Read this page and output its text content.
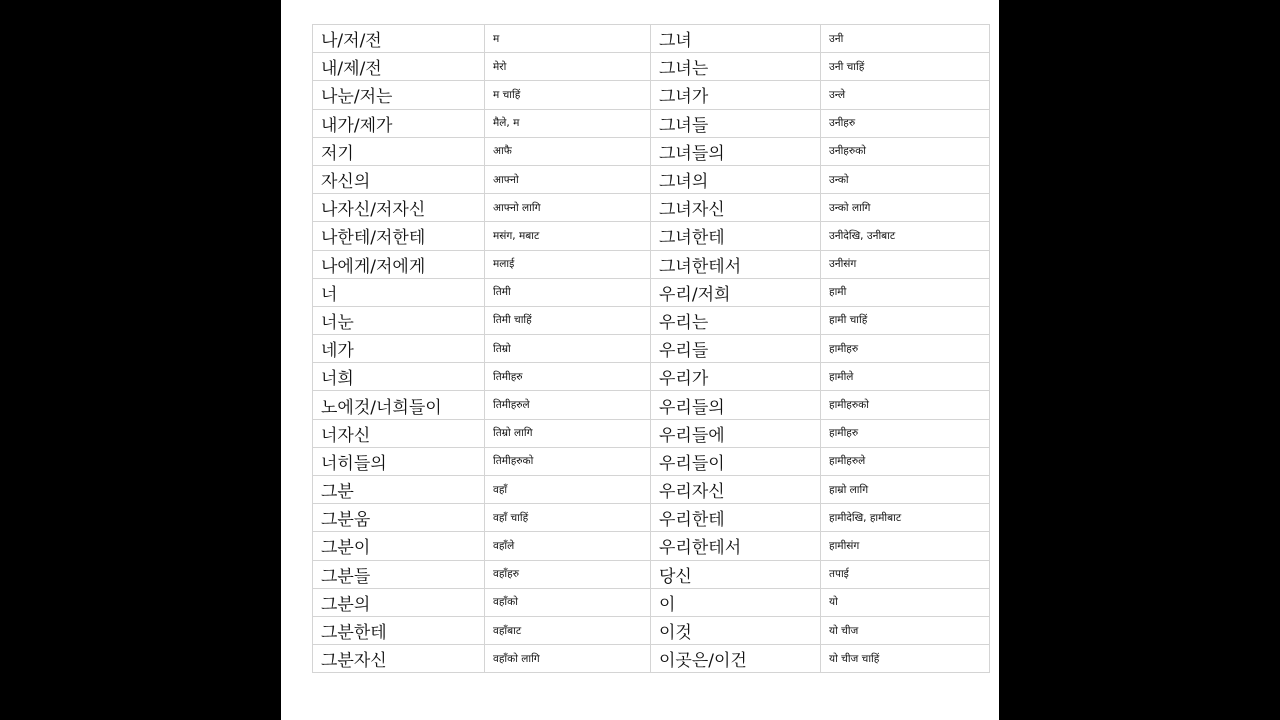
나/저/전	म	그녀	उनी
내/제/전	मेरो	그녀는	उनी चाहिं
나눈/저는	म चाहिं	그녀가	उन्ले
내가/제가	मैले, म	그녀들	उनीहरु
저기	आफै	그녀들의	उनीहरुको
자신의	आफ्नो	그녀의	उन्को
나자신/저자신	आफ्नो लागि	그녀자신	उन्को लागि
나한테/저한테	मसंग, मबाट	그녀한테	उनीदेखि, उनीबाट
나에게/저에게	मलाई	그녀한테서	उनीसंग
너	तिमी	우리/저희	हामी
너눈	तिमी चाहिं	우리는	हामी चाहिं
네가	तिम्रो	우리들	हामीहरु
너희	तिमीहरु	우리가	हामीले
노에것/너희들이	तिमीहरुले	우리들의	हामीहरुको
너자신	तिम्रो लागि	우리들에	हामीहरु
너히들의	तिमीहरुको	우리들이	हामीहरुले
그분	वहाँ	우리자신	हाम्रो लागि
그분움	वहाँ चाहिं	우리한테	हामीदेखि, हामीबाट
그분이	वहाँले	우리한테서	हामीसंग
그분들	वहाँहरु	당신	तपाई
그분의	वहाँको	이	यो
그분한테	वहाँबाट	이것	यो चीज
그분자신	वहाँको लागि	이곳은/이건	यो चीज चाहिं
